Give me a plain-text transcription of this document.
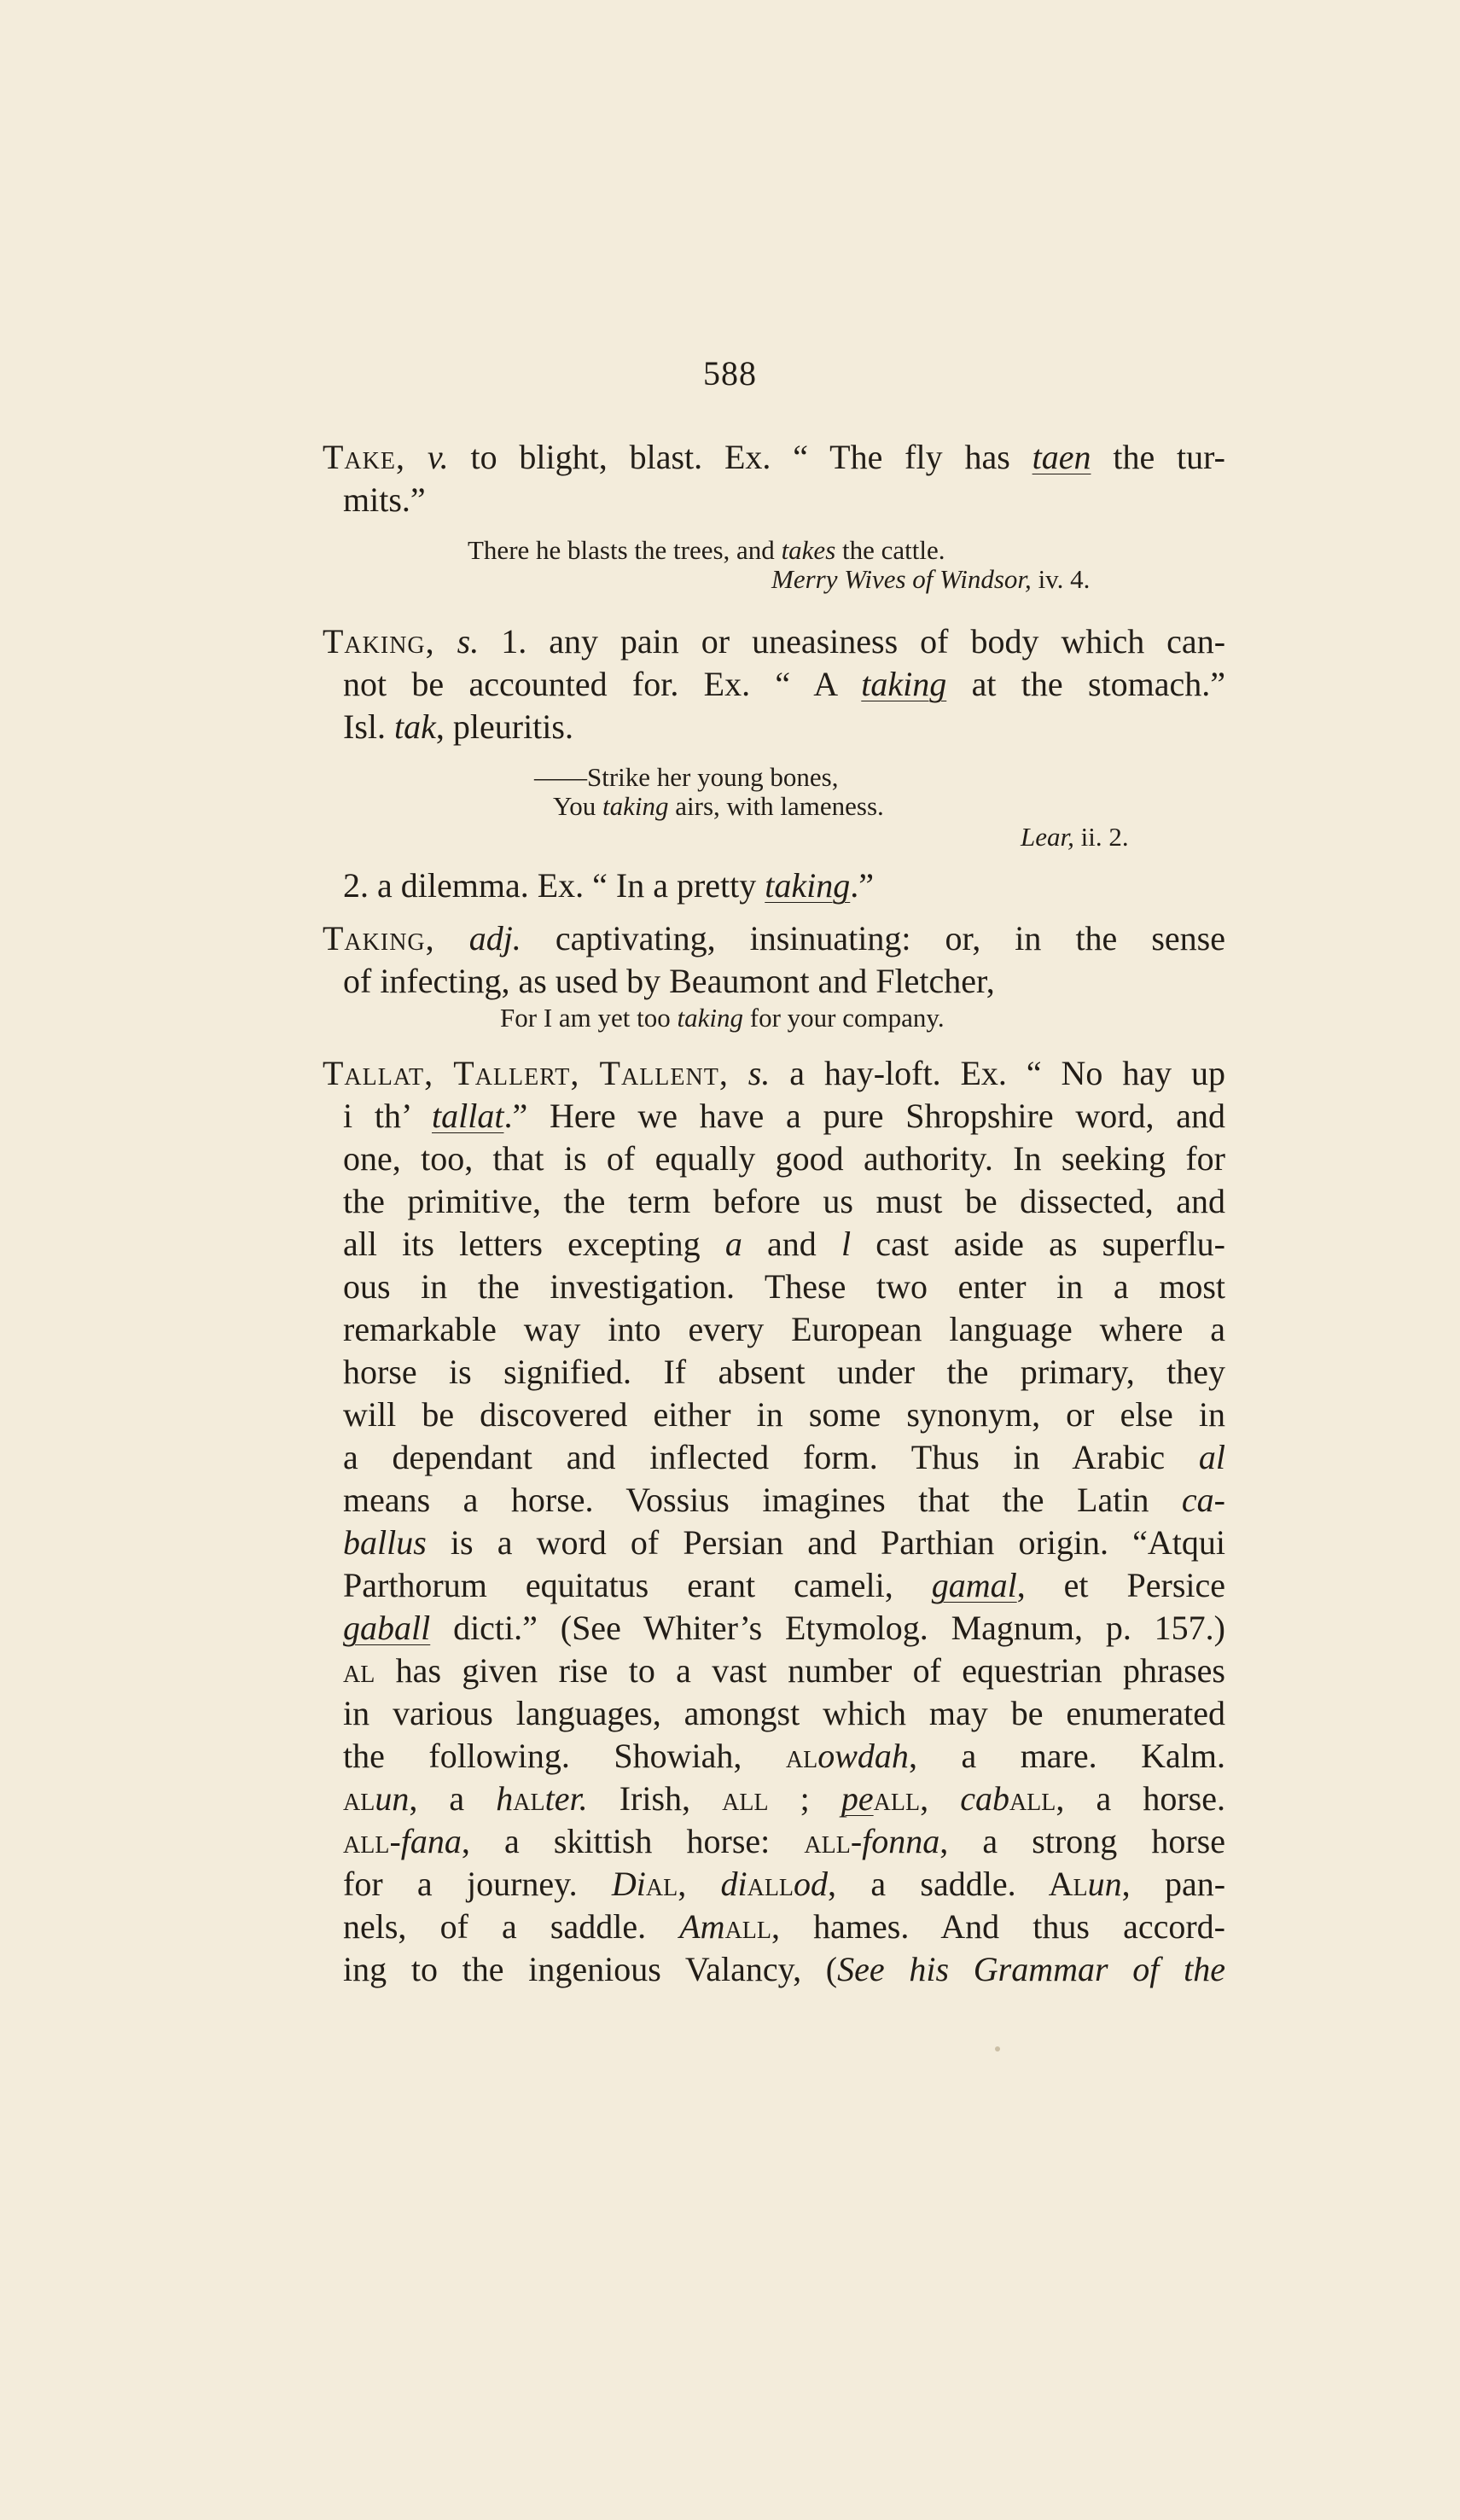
588
Take, v. to blight, blast. Ex. “ The fly has taen the tur-
mits.”
There he blasts the trees, and takes the cattle.
Merry Wives of Windsor, iv. 4.
Taking, s. 1. any pain or uneasiness of body which can-
not be accounted for. Ex. “ A taking at the stomach.”
Isl. tak, pleuritis.
——Strike her young bones,
You taking airs, with lameness.
Lear, ii. 2.
2. a dilemma. Ex. “ In a pretty taking.”
Taking, adj. captivating, insinuating: or, in the sense
of infecting, as used by Beaumont and Fletcher,
For I am yet too taking for your company.
Tallat, Tallert, Tallent, s. a hay-loft. Ex. “ No hay up
i th’ tallat.” Here we have a pure Shropshire word, and
one, too, that is of equally good authority. In seeking for
the primitive, the term before us must be dissected, and
all its letters excepting a and l cast aside as superflu-
ous in the investigation. These two enter in a most
remarkable way into every European language where a
horse is signified. If absent under the primary, they
will be discovered either in some synonym, or else in
a dependant and inflected form. Thus in Arabic al
means a horse. Vossius imagines that the Latin ca-
ballus is a word of Persian and Parthian origin. “Atqui
Parthorum equitatus erant cameli, gamal, et Persice
gaball dicti.” (See Whiter’s Etymolog. Magnum, p. 157.)
al has given rise to a vast number of equestrian phrases
in various languages, amongst which may be enumerated
the following. Showiah, alowdah, a mare. Kalm.
alun, a halter. Irish, all ; peall, caball, a horse.
all-fana, a skittish horse: all-fonna, a strong horse
for a journey. Dial, diallod, a saddle. Alun, pan-
nels, of a saddle. Amall, hames. And thus accord-
ing to the ingenious Valancy, (See his Grammar of the
